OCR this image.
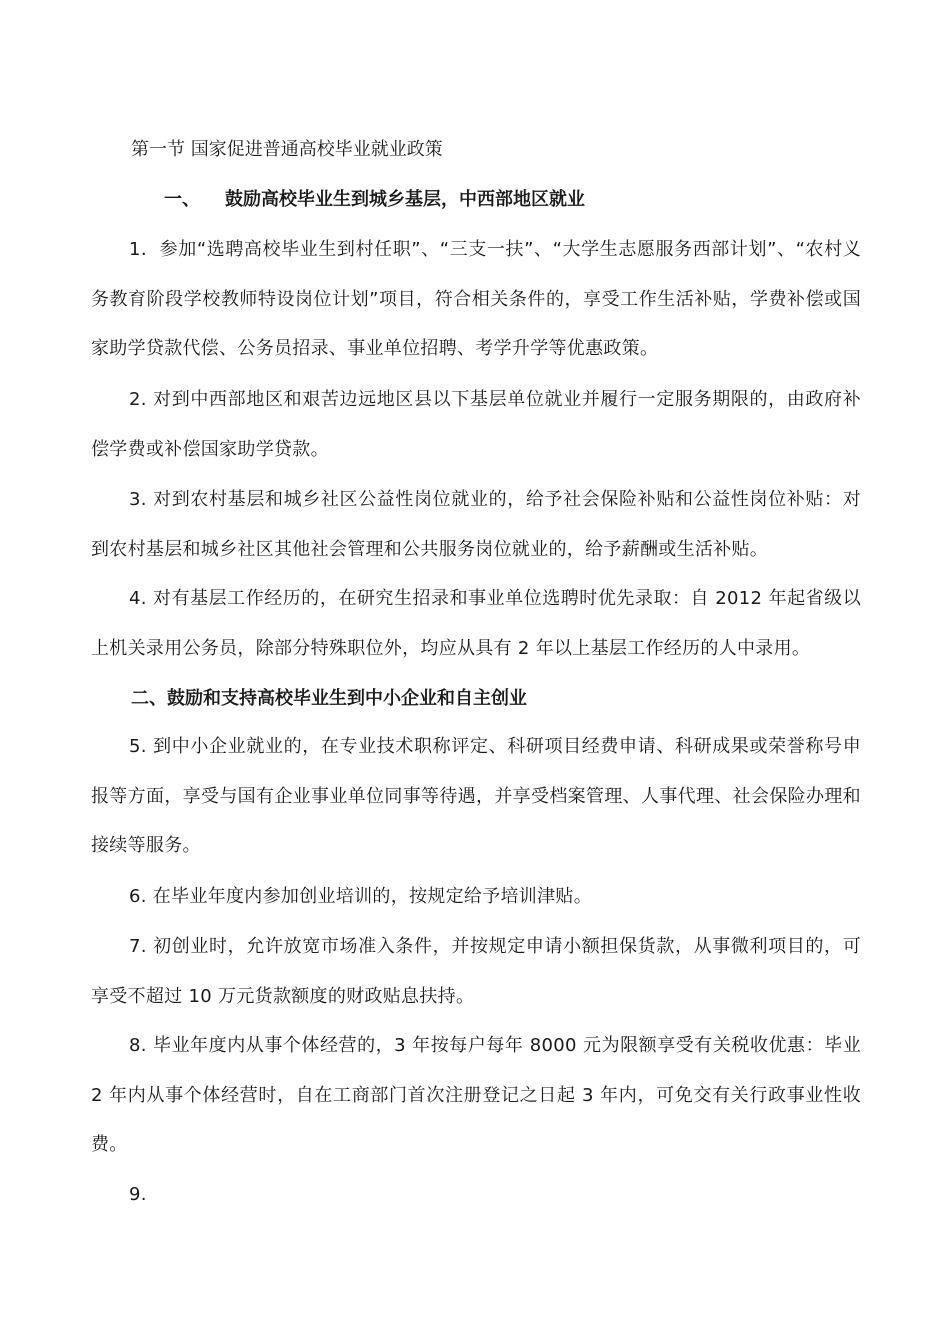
第一节 国家促进普通高校毕业就业政策
一、 鼓励高校毕业生到城乡基层，中西部地区就业
1．参加“选聘高校毕业生到村任职”、“三支一扶”、“大学生志愿服务西部计划”、“农村义务教育阶段学校教师特设岗位计划”项目，符合相关条件的，享受工作生活补贴，学费补偿或国家助学贷款代偿、公务员招录、事业单位招聘、考学升学等优惠政策。
2. 对到中西部地区和艰苦边远地区县以下基层单位就业并履行一定服务期限的，由政府补偿学费或补偿国家助学贷款。
3. 对到农村基层和城乡社区公益性岗位就业的，给予社会保险补贴和公益性岗位补贴：对到农村基层和城乡社区其他社会管理和公共服务岗位就业的，给予薪酬或生活补贴。
4. 对有基层工作经历的，在研究生招录和事业单位选聘时优先录取：自 2012 年起省级以上机关录用公务员，除部分特殊职位外，均应从具有 2 年以上基层工作经历的人中录用。
二、鼓励和支持高校毕业生到中小企业和自主创业
5. 到中小企业就业的，在专业技术职称评定、科研项目经费申请、科研成果或荣誉称号申报等方面，享受与国有企业事业单位同事等待遇，并享受档案管理、人事代理、社会保险办理和接续等服务。
6. 在毕业年度内参加创业培训的，按规定给予培训津贴。
7. 初创业时，允许放宽市场准入条件，并按规定申请小额担保货款，从事微利项目的，可享受不超过 10 万元货款额度的财政贴息扶持。
8. 毕业年度内从事个体经营的，3 年按每户每年 8000 元为限额享受有关税收优惠：毕业 2 年内从事个体经营时，自在工商部门首次注册登记之日起 3 年内，可免交有关行政事业性收费。
9.
